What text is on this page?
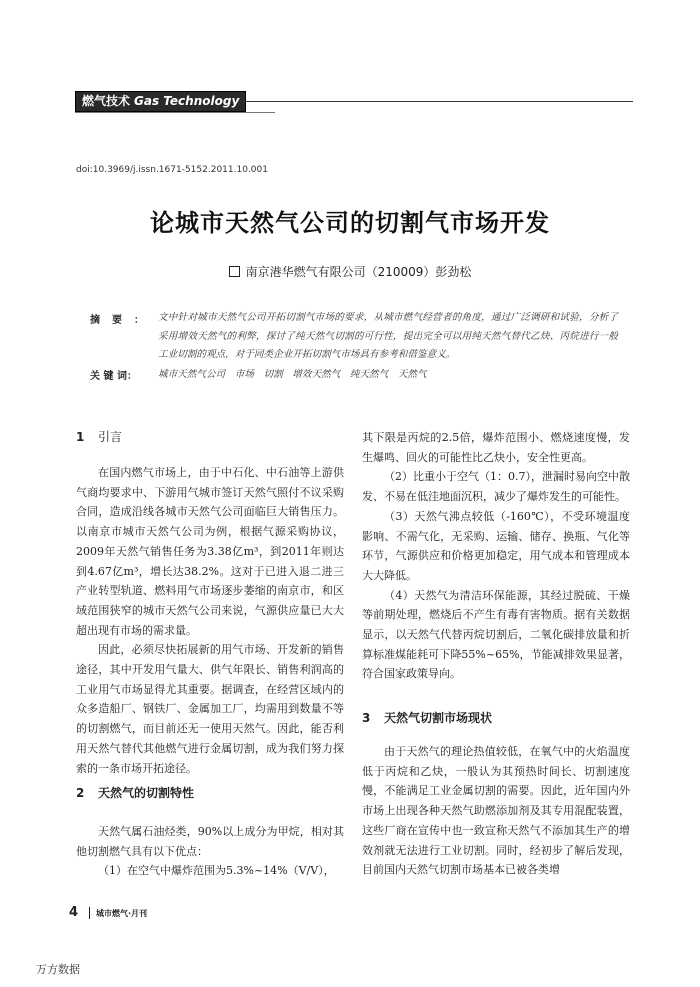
燃气技术 Gas Technology
doi:10.3969/j.issn.1671-5152.2011.10.001
论城市天然气公司的切割气市场开发
南京港华燃气有限公司（210009）彭劲松
摘要： 文中针对城市天然气公司开拓切割气市场的要求，从城市燃气经营者的角度，通过广泛调研和试验，分析了采用增效天然气的利弊，探讨了纯天然气切割的可行性，提出完全可以用纯天然气替代乙炔、丙烷进行一般工业切割的观点，对于同类企业开拓切割气市场具有参考和借鉴意义。
关 键 词： 城市天然气公司　市场　切割　增效天然气　纯天然气　天然气
1 引言

在国内燃气市场上，由于中石化、中石油等上游供气商均要求中、下游用气城市签订天然气照付不议采购合同，造成沿线各城市天然气公司面临巨大销售压力。以南京市城市天然气公司为例，根据气源采购协议，2009年天然气销售任务为3.38亿m³，到2011年则达到4.67亿m³，增长达38.2%。这对于已进入退二进三产业转型轨道、燃料用气市场逐步萎缩的南京市，和区域范围狭窄的城市天然气公司来说，气源供应量已大大超出现有市场的需求量。

因此，必须尽快拓展新的用气市场、开发新的销售途径，其中开发用气量大、供气年限长、销售利润高的工业用气市场显得尤其重要。据调查，在经营区域内的众多造船厂、钢铁厂、金属加工厂，均需用到数量不等的切割燃气，而目前还无一使用天然气。因此，能否利用天然气替代其他燃气进行金属切割，成为我们努力探索的一条市场开拓途径。

2 天然气的切割特性

天然气属石油烃类，90%以上成分为甲烷，相对其他切割燃气具有以下优点：

（1）在空气中爆炸范围为5.3%~14%（V/V），

其下限是丙烷的2.5倍，爆炸范围小、燃烧速度慢，发生爆鸣、回火的可能性比乙炔小，安全性更高。

（2）比重小于空气（1：0.7），泄漏时易向空中散发、不易在低洼地面沉积，减少了爆炸发生的可能性。

（3）天然气沸点较低（-160℃），不受环境温度影响、不需气化，无采购、运输、储存、换瓶、气化等环节，气源供应和价格更加稳定，用气成本和管理成本大大降低。

（4）天然气为清洁环保能源，其经过脱硫、干燥等前期处理，燃烧后不产生有毒有害物质。据有关数据显示，以天然气代替丙烷切割后，二氧化碳排放量和折算标准煤能耗可下降55%~65%，节能减排效果显著，符合国家政策导向。

3 天然气切割市场现状

由于天然气的理论热值较低，在氧气中的火焰温度低于丙烷和乙炔，一般认为其预热时间长、切割速度慢，不能满足工业金属切割的需要。因此，近年国内外市场上出现各种天然气助燃添加剂及其专用混配装置，这些厂商在宣传中也一致宣称天然气不添加其生产的增效剂就无法进行工业切割。同时，经初步了解后发现，目前国内天然气切割市场基本已被各类增

4 城市燃气·月刊
万方数据
